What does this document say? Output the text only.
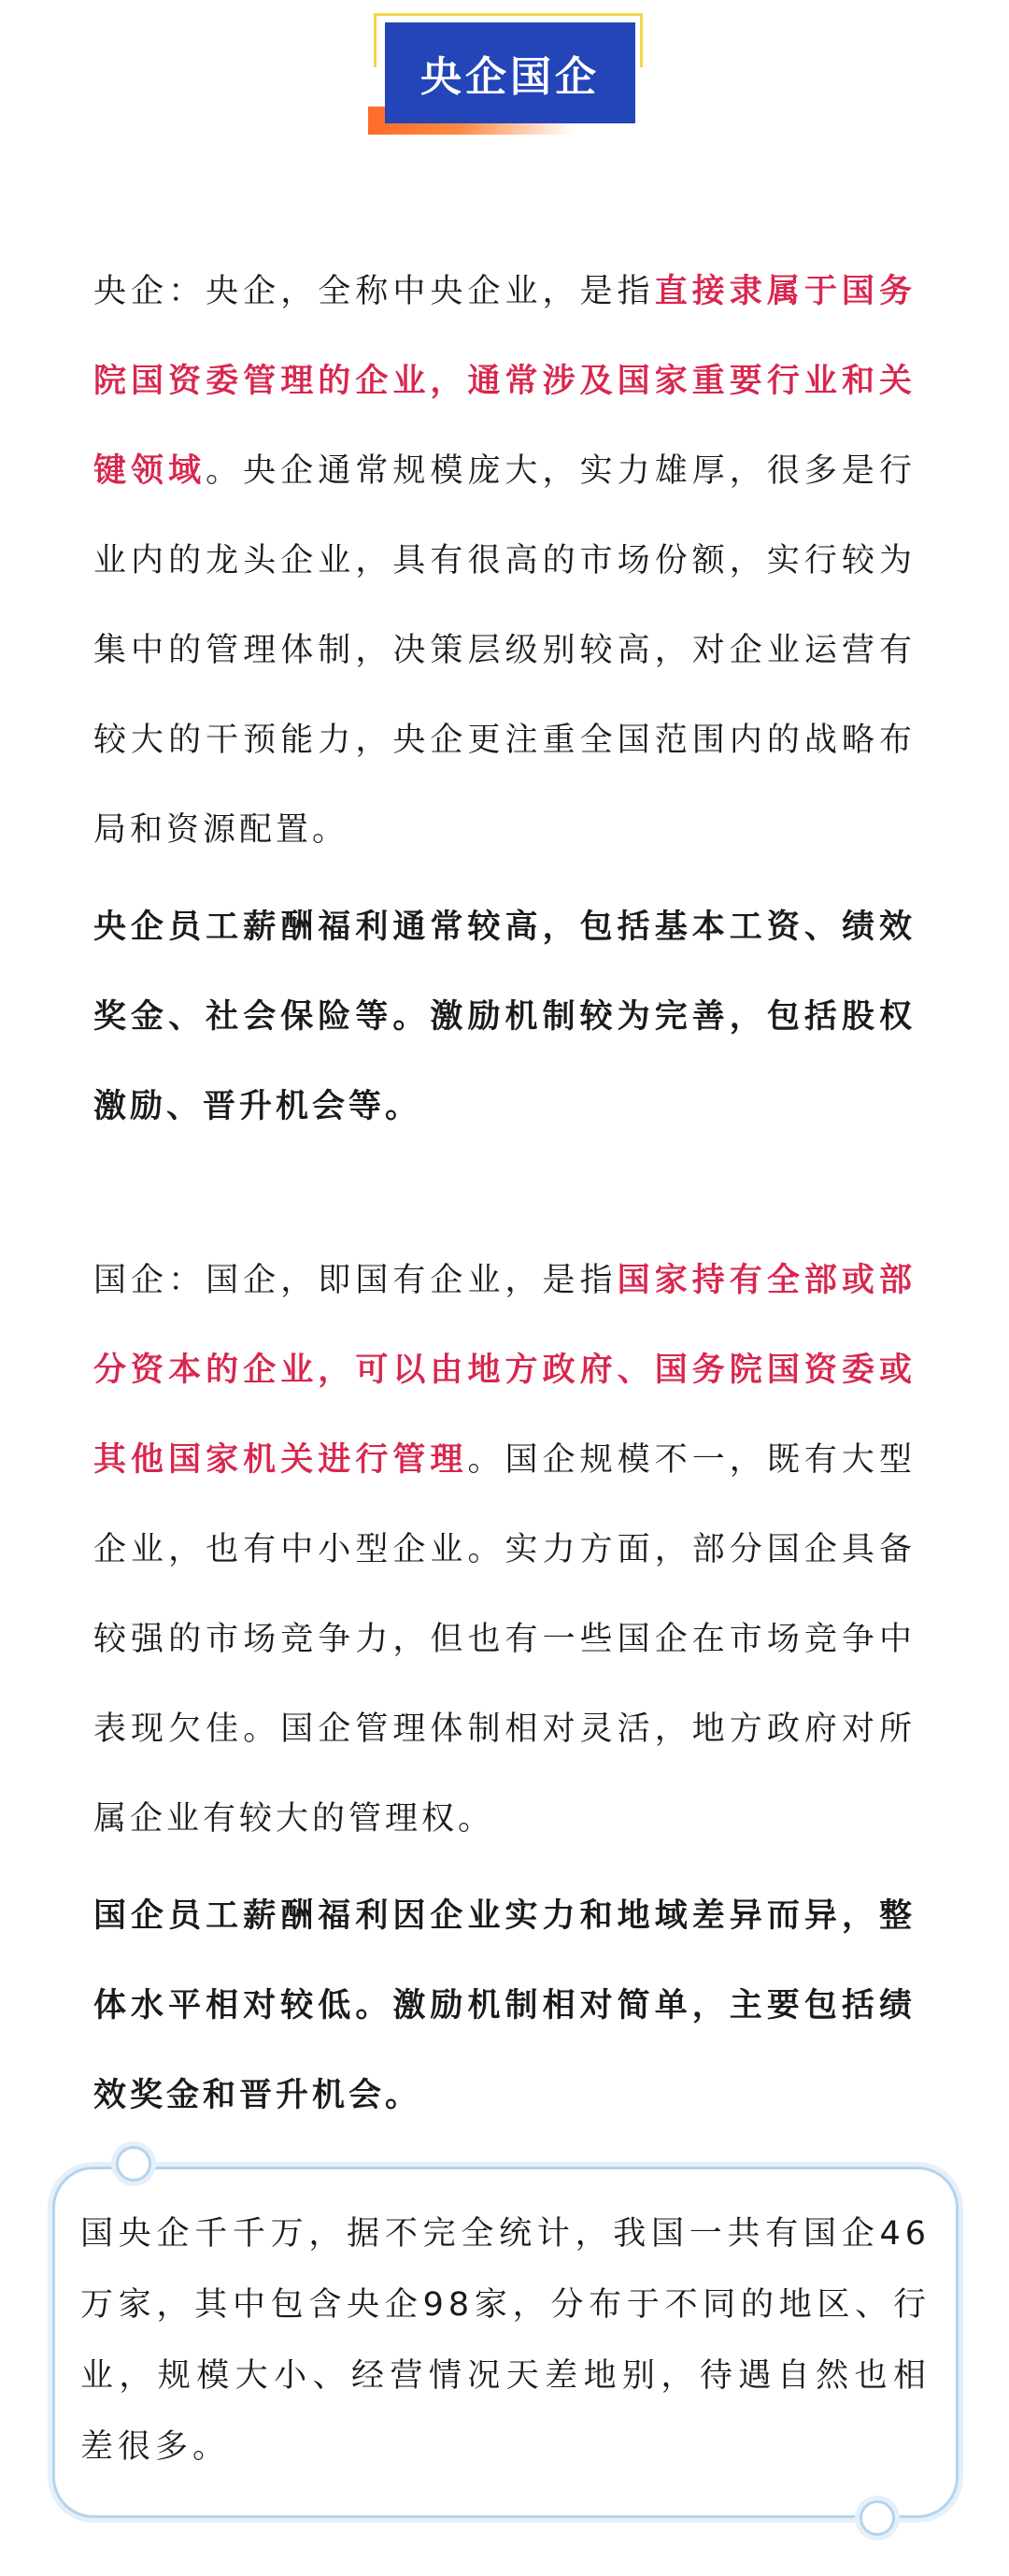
央企国企

央企：央企，全称中央企业，是指直接隶属于国务院国资委管理的企业，通常涉及国家重要行业和关键领域。央企通常规模庞大，实力雄厚，很多是行业内的龙头企业，具有很高的市场份额，实行较为集中的管理体制，决策层级别较高，对企业运营有较大的干预能力，央企更注重全国范围内的战略布局和资源配置。

央企员工薪酬福利通常较高，包括基本工资、绩效奖金、社会保险等。激励机制较为完善，包括股权激励、晋升机会等。

国企：国企，即国有企业，是指国家持有全部或部分资本的企业，可以由地方政府、国务院国资委或其他国家机关进行管理。国企规模不一，既有大型企业，也有中小型企业。实力方面，部分国企具备较强的市场竞争力，但也有一些国企在市场竞争中表现欠佳。国企管理体制相对灵活，地方政府对所属企业有较大的管理权。

国企员工薪酬福利因企业实力和地域差异而异，整体水平相对较低。激励机制相对简单，主要包括绩效奖金和晋升机会。

国央企千千万，据不完全统计，我国一共有国企46万家，其中包含央企98家，分布于不同的地区、行业，规模大小、经营情况天差地别，待遇自然也相差很多。
